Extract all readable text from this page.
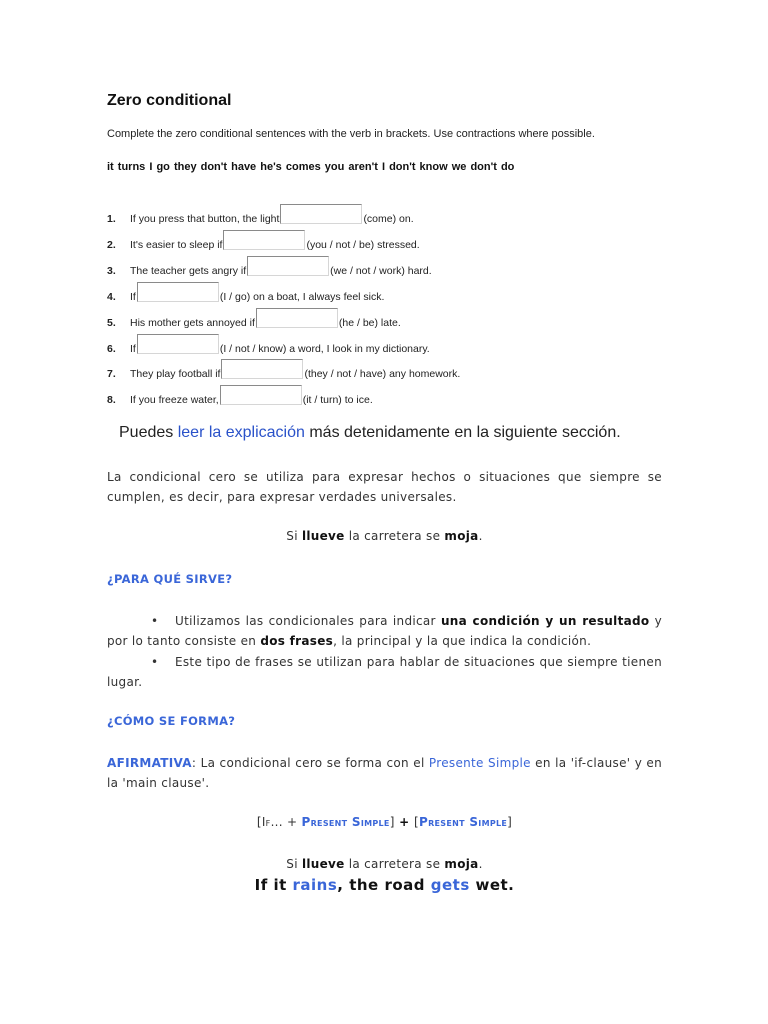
Zero conditional
Complete the zero conditional sentences with the verb in brackets. Use contractions where possible.
it turns I go they don't have he's comes you aren't I don't know we don't do
1. If you press that button, the light	(come) on.
2. It's easier to sleep if	(you / not / be) stressed.
3. The teacher gets angry if	(we / not / work) hard.
4. If	(I / go) on a boat, I always feel sick.
5. His mother gets annoyed if	(he / be) late.
6. If	(I / not / know) a word, I look in my dictionary.
7. They play football if	(they / not / have) any homework.
8. If you freeze water,	(it / turn) to ice.
Puedes leer la explicación más detenidamente en la siguiente sección.
La condicional cero se utiliza para expresar hechos o situaciones que siempre se cumplen, es decir, para expresar verdades universales.
Si llueve la carretera se moja.
¿PARA QUÉ SIRVE?
• Utilizamos las condicionales para indicar una condición y un resultado y por lo tanto consiste en dos frases, la principal y la que indica la condición.
• Este tipo de frases se utilizan para hablar de situaciones que siempre tienen lugar.
¿CÓMO SE FORMA?
AFIRMATIVA: La condicional cero se forma con el Presente Simple en la 'if-clause' y en la 'main clause'.
[If... + Present Simple] + [Present Simple]
Si llueve la carretera se moja.
If it rains, the road gets wet.
